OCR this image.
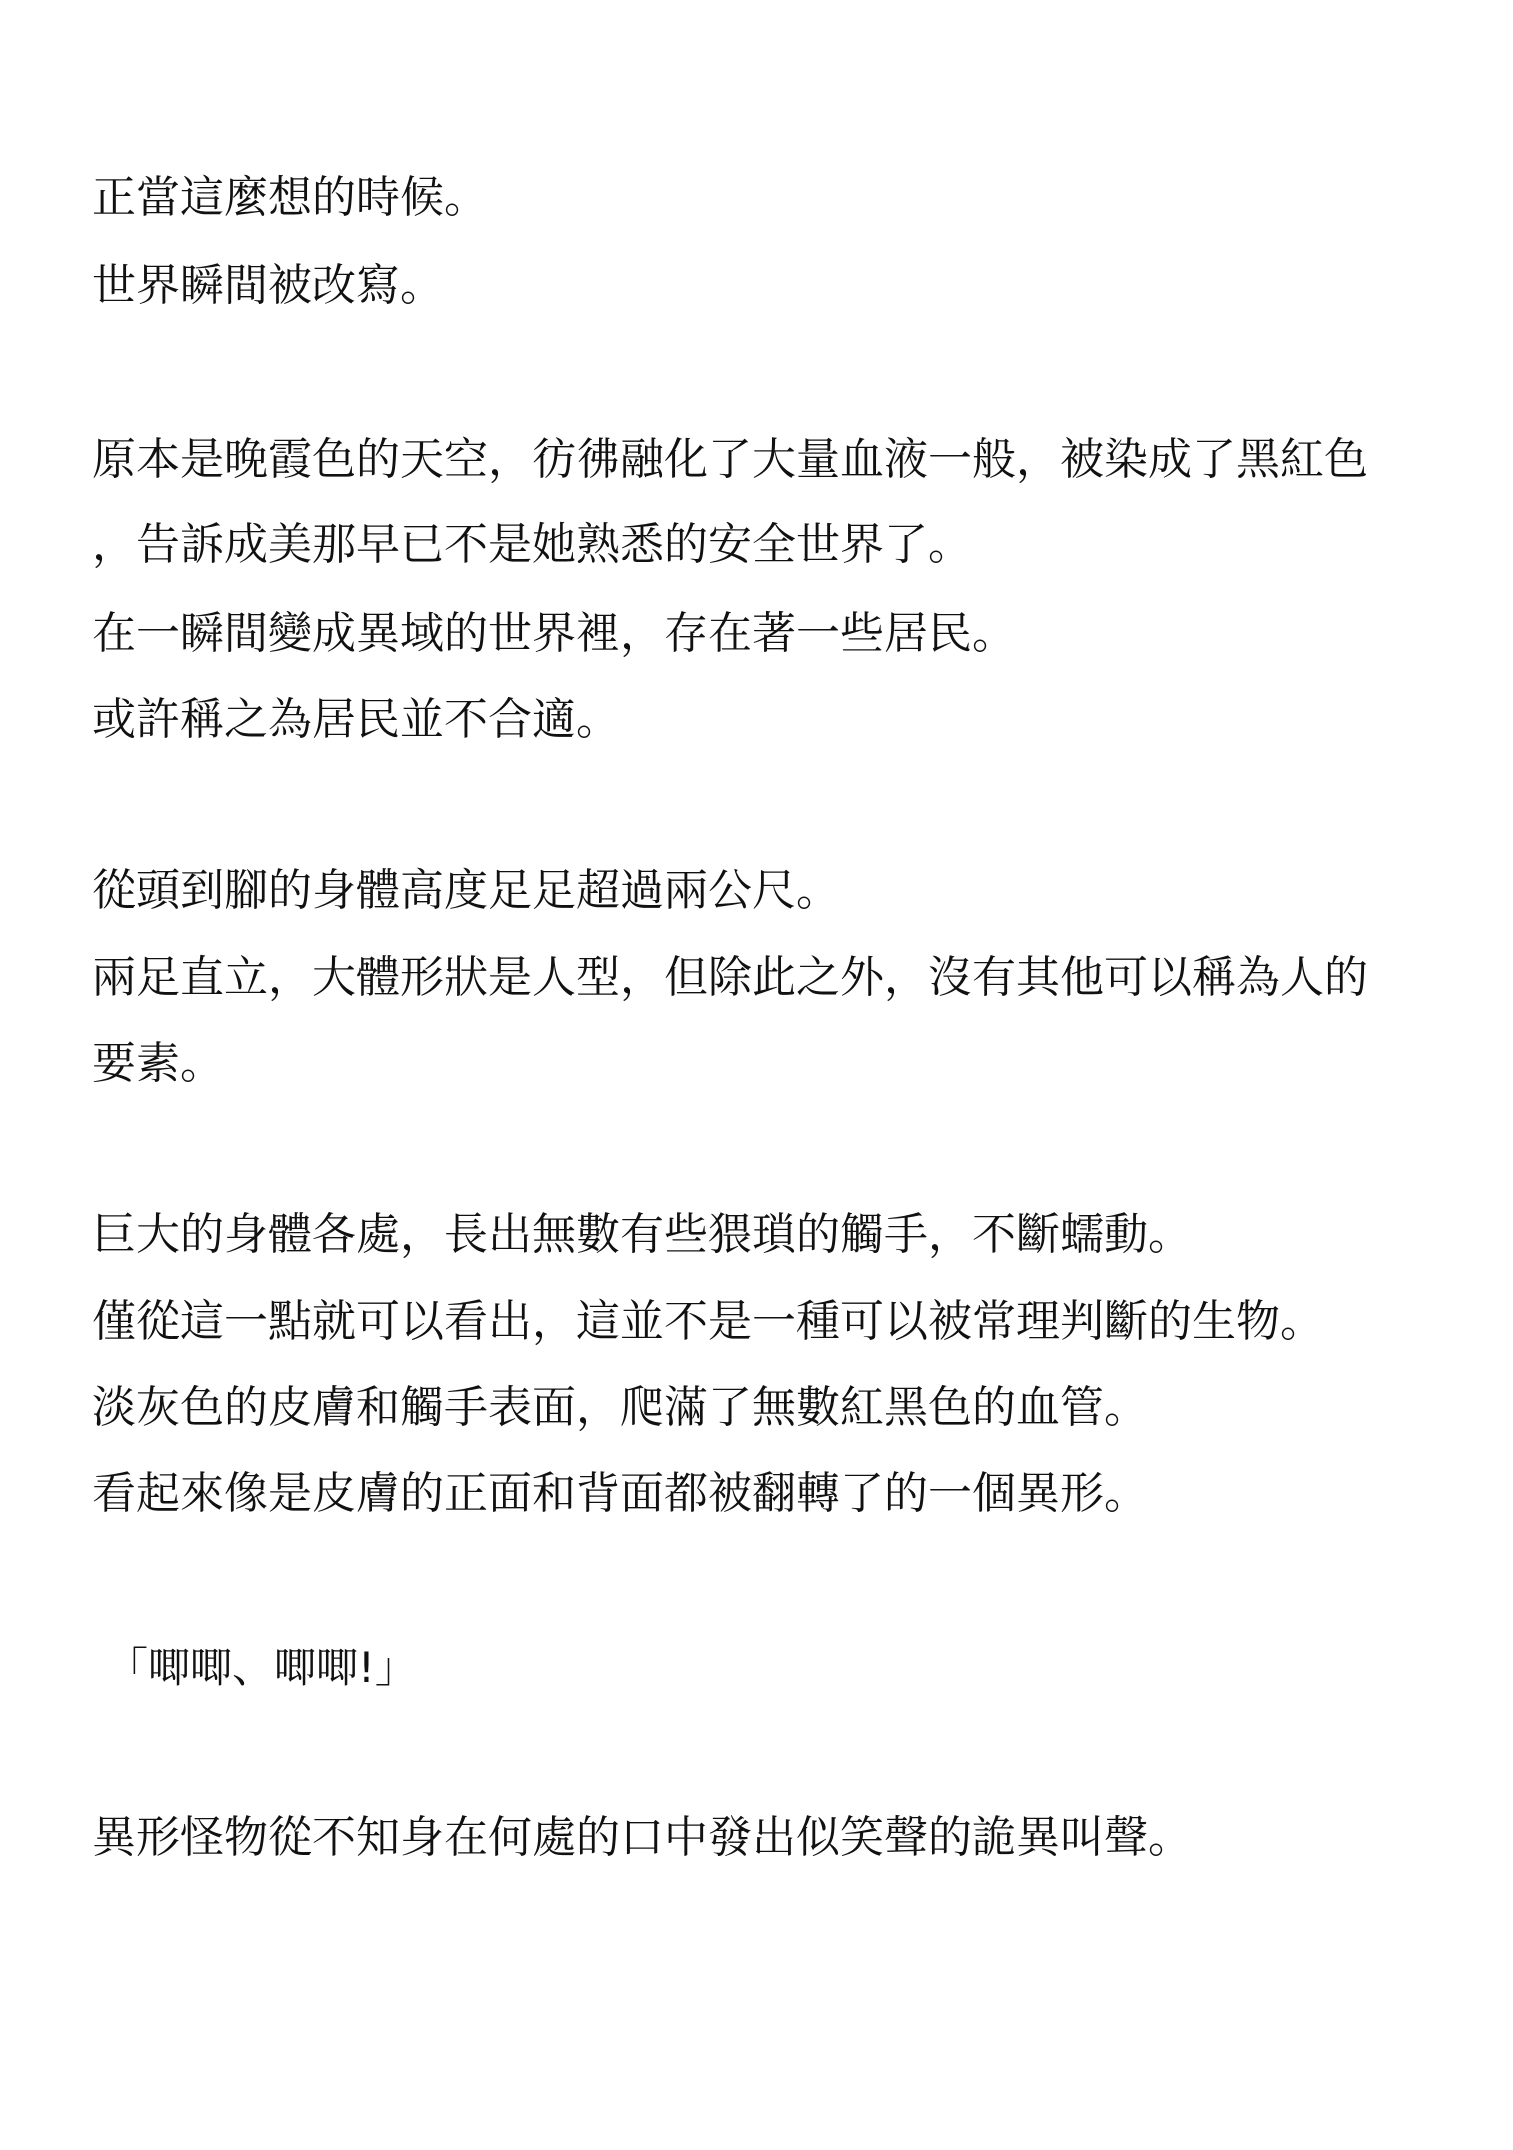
正當這麼想的時候。

世界瞬間被改寫。

原本是晚霞色的天空，彷彿融化了大量血液一般，被染成了黑紅色

，告訴成美那早已不是她熟悉的安全世界了。

在一瞬間變成異域的世界裡，存在著一些居民。

或許稱之為居民並不合適。

從頭到腳的身體高度足足超過兩公尺。

兩足直立，大體形狀是人型，但除此之外，沒有其他可以稱為人的

要素。

巨大的身體各處，長出無數有些猥瑣的觸手，不斷蠕動。

僅從這一點就可以看出，這並不是一種可以被常理判斷的生物。

淡灰色的皮膚和觸手表面，爬滿了無數紅黑色的血管。

看起來像是皮膚的正面和背面都被翻轉了的一個異形。

「唧唧、唧唧!」

異形怪物從不知身在何處的口中發出似笑聲的詭異叫聲。
